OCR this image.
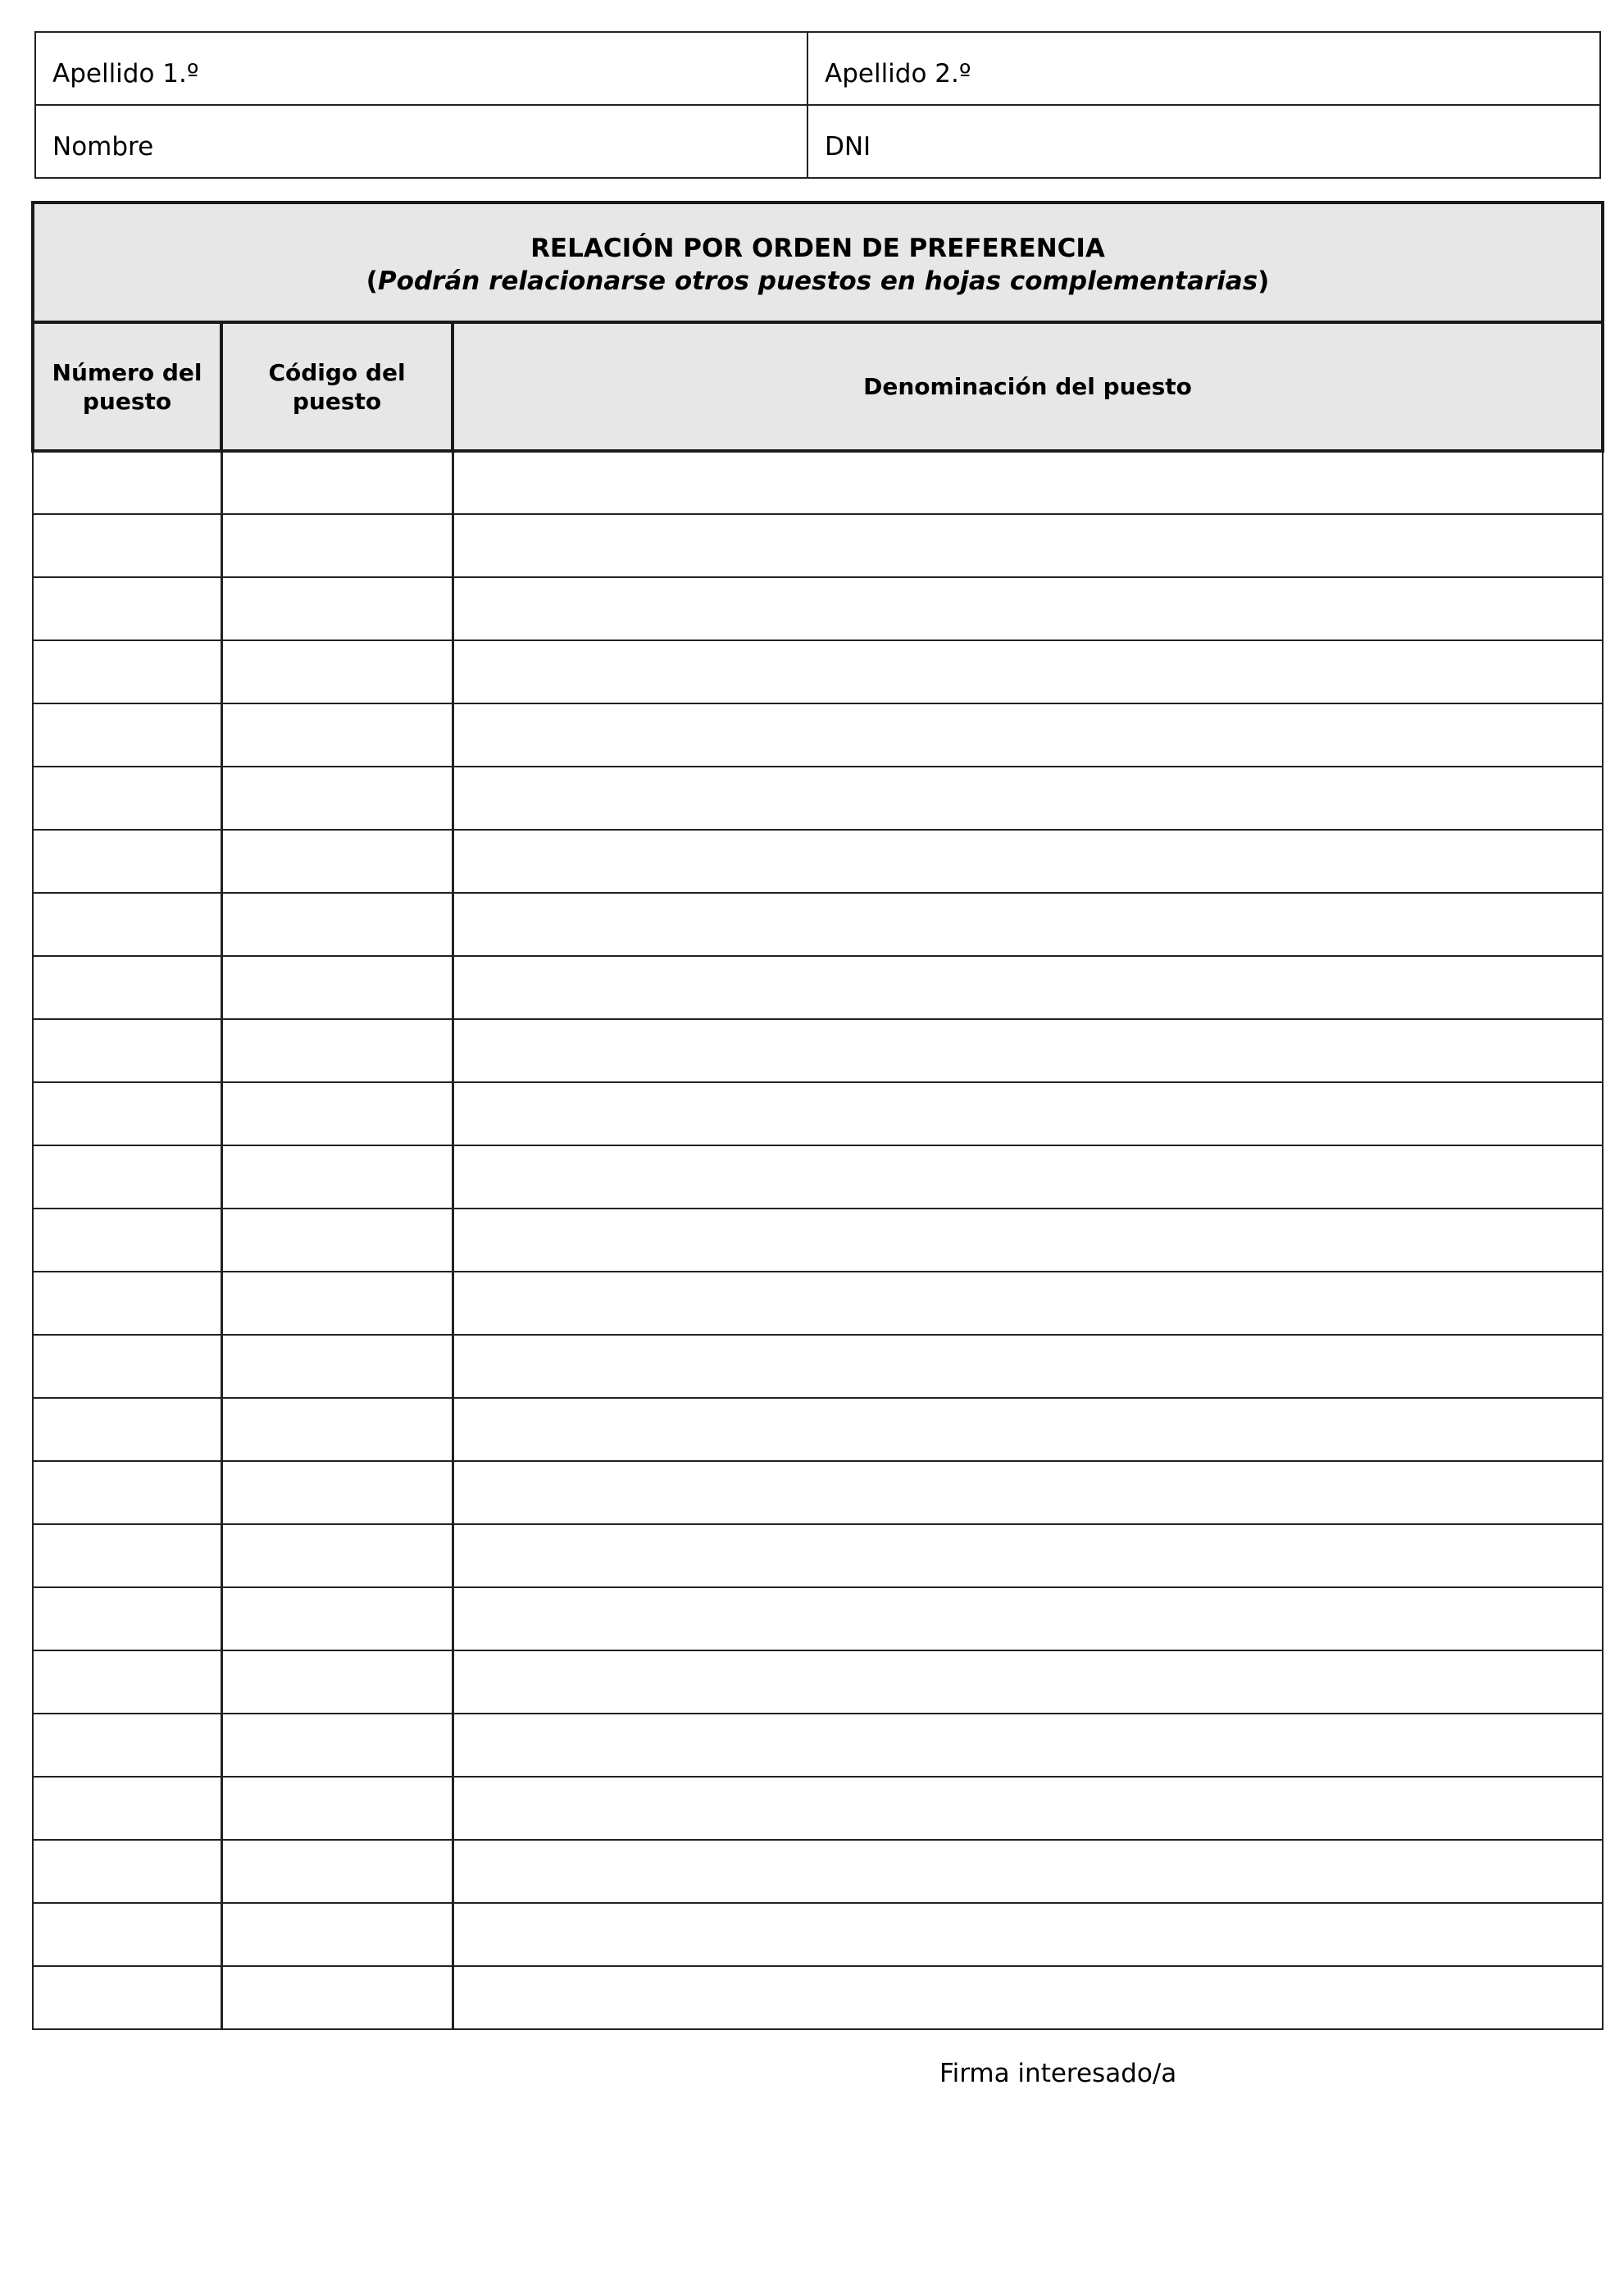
Apellido 1.º	Apellido 2.º
Nombre	DNI
RELACIÓN POR ORDEN DE PREFERENCIA
(Podrán relacionarse otros puestos en hojas complementarias)		

Número del puesto	Código del puesto	Denominación del puesto

Firma interesado/a
